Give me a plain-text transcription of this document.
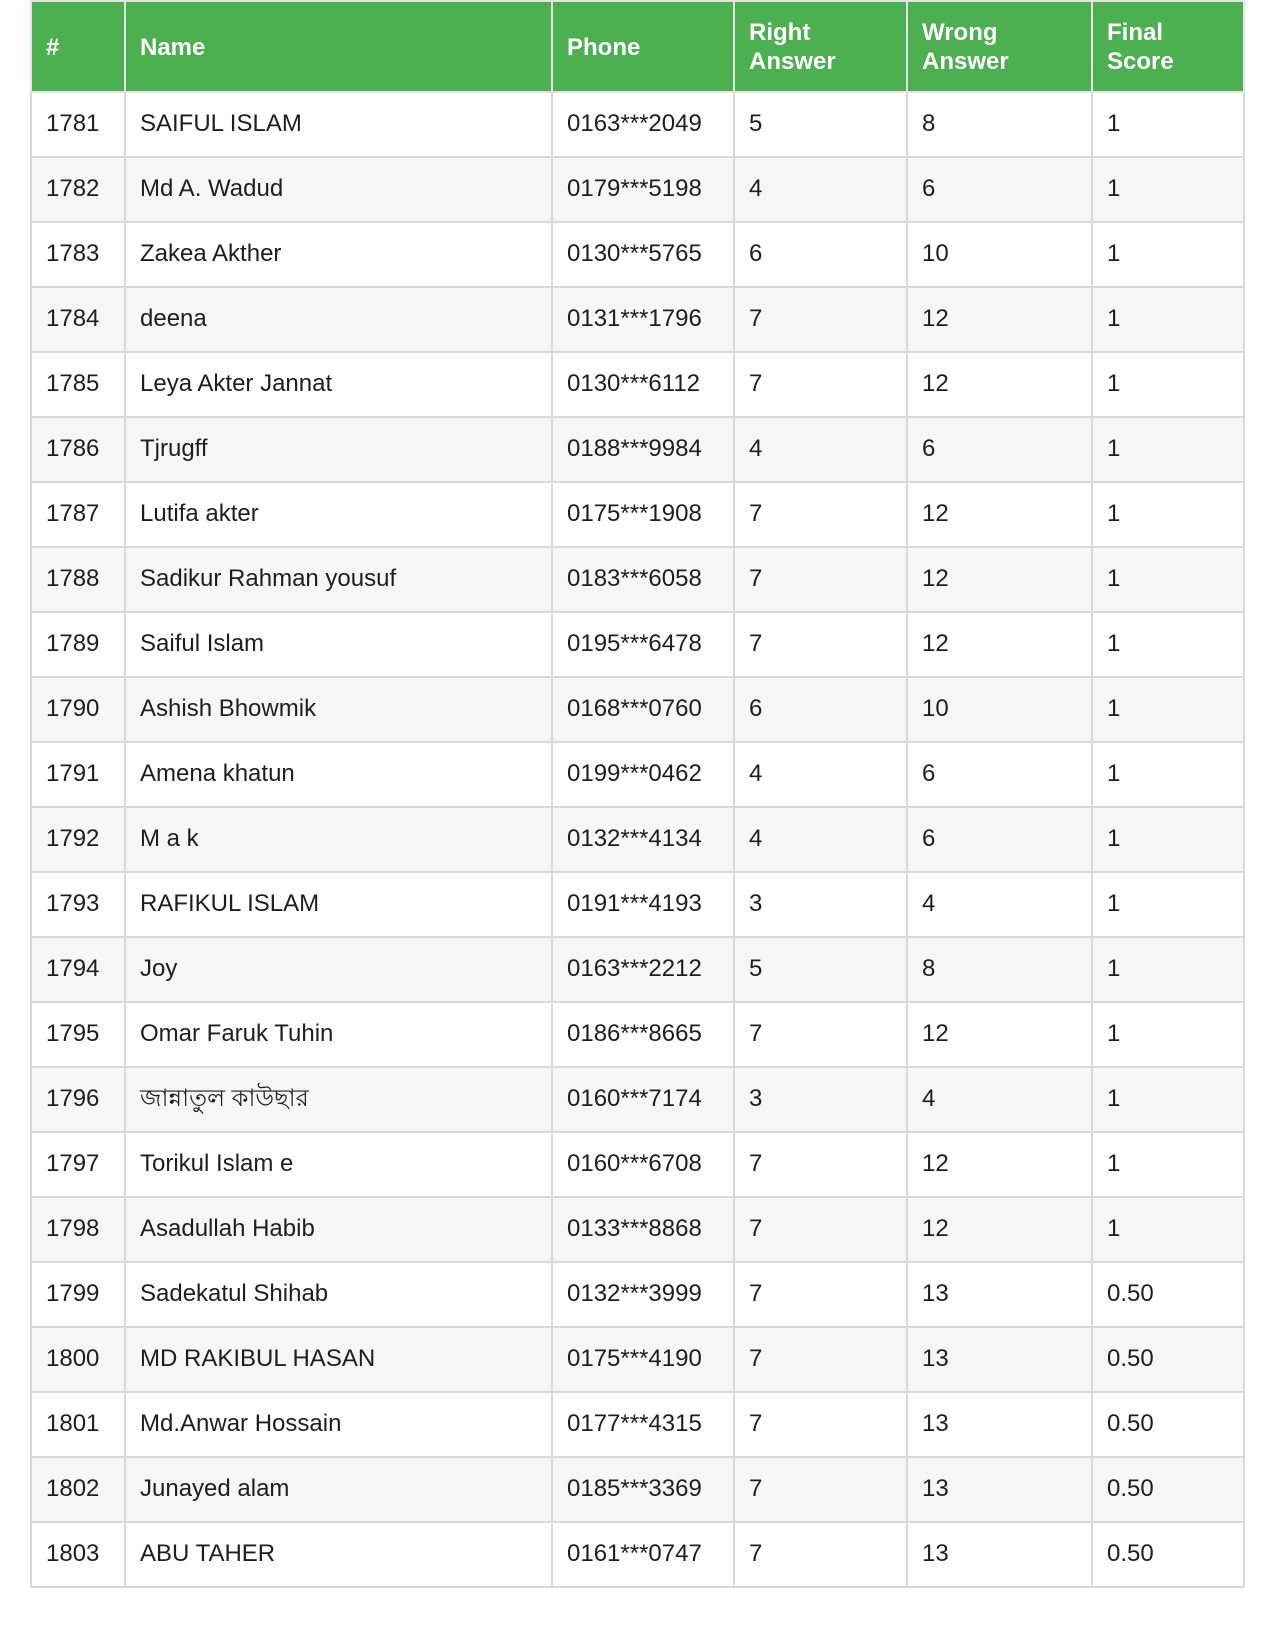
#	Name	Phone	Right Answer	Wrong Answer	Final Score
1781	SAIFUL ISLAM	0163***2049	5	8	1
1782	Md A. Wadud	0179***5198	4	6	1
1783	Zakea Akther	0130***5765	6	10	1
1784	deena	0131***1796	7	12	1
1785	Leya Akter Jannat	0130***6112	7	12	1
1786	Tjrugff	0188***9984	4	6	1
1787	Lutifa akter	0175***1908	7	12	1
1788	Sadikur Rahman yousuf	0183***6058	7	12	1
1789	Saiful Islam	0195***6478	7	12	1
1790	Ashish Bhowmik	0168***0760	6	10	1
1791	Amena khatun	0199***0462	4	6	1
1792	M a k	0132***4134	4	6	1
1793	RAFIKUL ISLAM	0191***4193	3	4	1
1794	Joy	0163***2212	5	8	1
1795	Omar Faruk Tuhin	0186***8665	7	12	1
1796	জান্নাতুল কাউছার	0160***7174	3	4	1
1797	Torikul Islam e	0160***6708	7	12	1
1798	Asadullah Habib	0133***8868	7	12	1
1799	Sadekatul Shihab	0132***3999	7	13	0.50
1800	MD RAKIBUL HASAN	0175***4190	7	13	0.50
1801	Md.Anwar Hossain	0177***4315	7	13	0.50
1802	Junayed alam	0185***3369	7	13	0.50
1803	ABU TAHER	0161***0747	7	13	0.50
